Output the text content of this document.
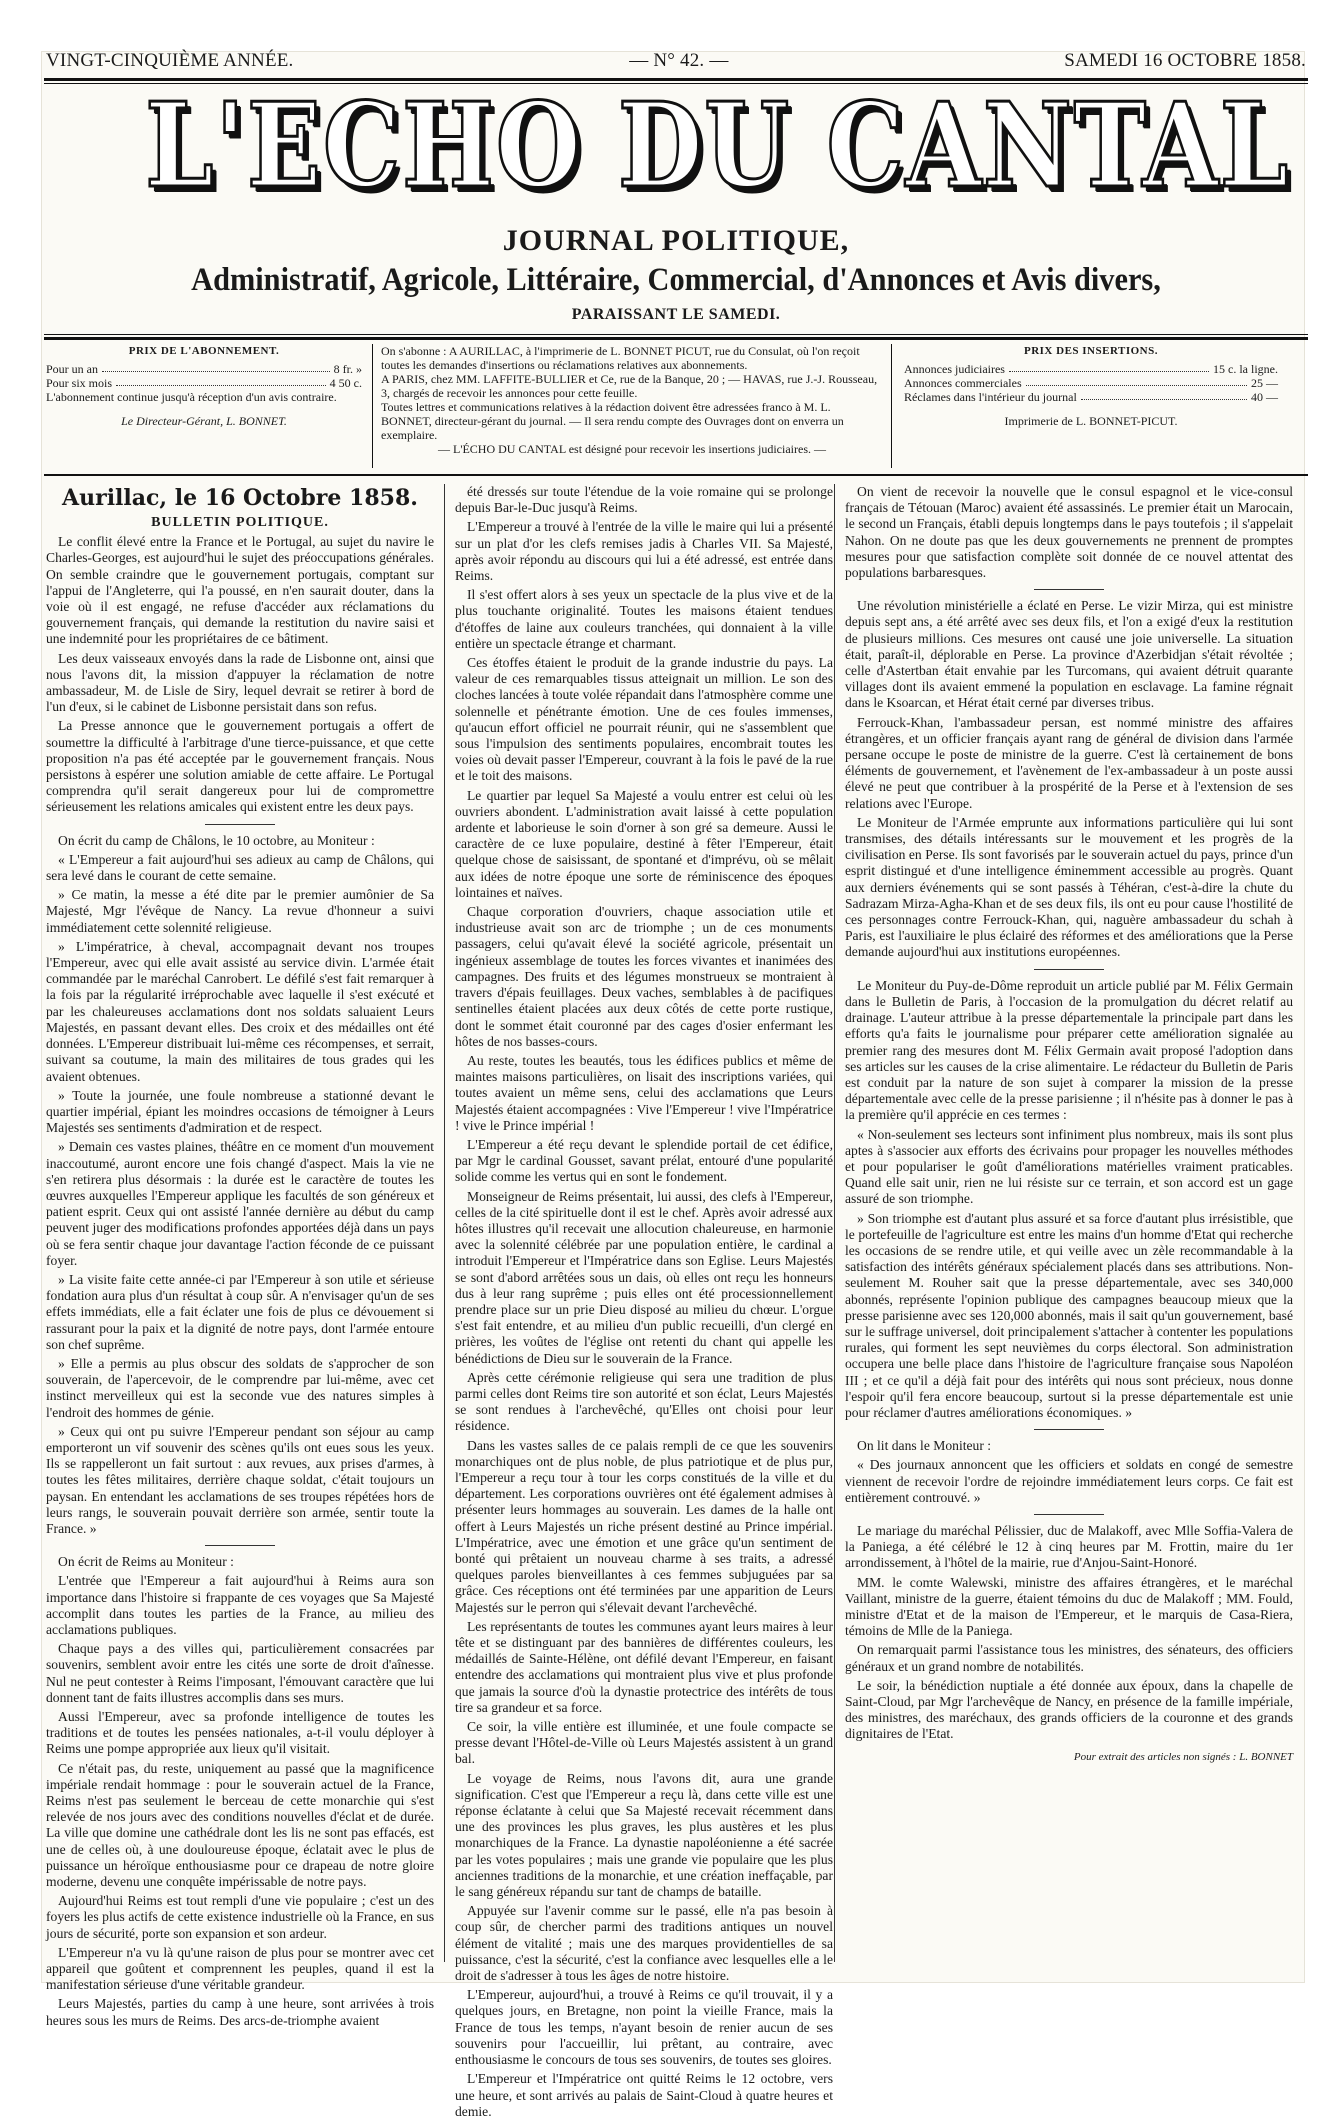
VINGT-CINQUIÈME ANNÉE.	— N° 42. —	SAMEDI 16 OCTOBRE 1858.
L'ECHO DU CANTAL
JOURNAL POLITIQUE,
Administratif, Agricole, Littéraire, Commercial, d'Annonces et Avis divers,
PARAISSANT LE SAMEDI.
PRIX DE L'ABONNEMENT.
Pour un an	8 fr. »
Pour six mois	4 50 c.
L'abonnement continue jusqu'à réception d'un avis contraire.
Le Directeur-Gérant, L. BONNET.
On s'abonne : A AURILLAC, à l'imprimerie de L. BONNET PICUT, rue du Consulat, où l'on reçoit toutes les demandes d'insertions ou réclamations relatives aux abonnements.
A PARIS, chez MM. LAFFITE-BULLIER et Ce, rue de la Banque, 20 ; — HAVAS, rue J.-J. Rousseau, 3, chargés de recevoir les annonces pour cette feuille.
Toutes lettres et communications relatives à la rédaction doivent être adressées franco à M. L. BONNET, directeur-gérant du journal. — Il sera rendu compte des Ouvrages dont on enverra un exemplaire.
— L'ÉCHO DU CANTAL est désigné pour recevoir les insertions judiciaires. —
PRIX DES INSERTIONS.
Annonces judiciaires	15 c. la ligne.
Annonces commerciales	25 —
Réclames dans l'intérieur du journal	40 —
Imprimerie de L. BONNET-PICUT.

Aurillac, le 16 Octobre 1858.

BULLETIN POLITIQUE.

Le conflit élevé entre la France et le Portugal, au sujet du navire le Charles-Georges, est aujourd'hui le sujet des préoccupations générales. On semble craindre que le gouvernement portugais, comptant sur l'appui de l'Angleterre, qui l'a poussé, en n'en saurait douter, dans la voie où il est engagé, ne refuse d'accéder aux réclamations du gouvernement français, qui demande la restitution du navire saisi et une indemnité pour les propriétaires de ce bâtiment.

Les deux vaisseaux envoyés dans la rade de Lisbonne ont, ainsi que nous l'avons dit, la mission d'appuyer la réclamation de notre ambassadeur, M. de Lisle de Siry, lequel devrait se retirer à bord de l'un d'eux, si le cabinet de Lisbonne persistait dans son refus.

La Presse annonce que le gouvernement portugais a offert de soumettre la difficulté à l'arbitrage d'une tierce-puissance, et que cette proposition n'a pas été acceptée par le gouvernement français. Nous persistons à espérer une solution amiable de cette affaire. Le Portugal comprendra qu'il serait dangereux pour lui de compromettre sérieusement les relations amicales qui existent entre les deux pays.

On écrit du camp de Châlons, le 10 octobre, au Moniteur :

« L'Empereur a fait aujourd'hui ses adieux au camp de Châlons, qui sera levé dans le courant de cette semaine.

» Ce matin, la messe a été dite par le premier aumônier de Sa Majesté, Mgr l'évêque de Nancy. La revue d'honneur a suivi immédiatement cette solennité religieuse.

» L'impératrice, à cheval, accompagnait devant nos troupes l'Empereur, avec qui elle avait assisté au service divin. L'armée était commandée par le maréchal Canrobert. Le défilé s'est fait remarquer à la fois par la régularité irréprochable avec laquelle il s'est exécuté et par les chaleureuses acclamations dont nos soldats saluaient Leurs Majestés, en passant devant elles. Des croix et des médailles ont été données. L'Empereur distribuait lui-même ces récompenses, et serrait, suivant sa coutume, la main des militaires de tous grades qui les avaient obtenues.

» Toute la journée, une foule nombreuse a stationné devant le quartier impérial, épiant les moindres occasions de témoigner à Leurs Majestés ses sentiments d'admiration et de respect.

» Demain ces vastes plaines, théâtre en ce moment d'un mouvement inaccoutumé, auront encore une fois changé d'aspect. Mais la vie ne s'en retirera plus désormais : la durée est le caractère de toutes les œuvres auxquelles l'Empereur applique les facultés de son généreux et patient esprit. Ceux qui ont assisté l'année dernière au début du camp peuvent juger des modifications profondes apportées déjà dans un pays où se fera sentir chaque jour davantage l'action féconde de ce puissant foyer.

» La visite faite cette année-ci par l'Empereur à son utile et sérieuse fondation aura plus d'un résultat à coup sûr. A n'envisager qu'un de ses effets immédiats, elle a fait éclater une fois de plus ce dévouement si rassurant pour la paix et la dignité de notre pays, dont l'armée entoure son chef suprême.

» Elle a permis au plus obscur des soldats de s'approcher de son souverain, de l'apercevoir, de le comprendre par lui-même, avec cet instinct merveilleux qui est la seconde vue des natures simples à l'endroit des hommes de génie.

» Ceux qui ont pu suivre l'Empereur pendant son séjour au camp emporteront un vif souvenir des scènes qu'ils ont eues sous les yeux. Ils se rappelleront un fait surtout : aux revues, aux prises d'armes, à toutes les fêtes militaires, derrière chaque soldat, c'était toujours un paysan. En entendant les acclamations de ses troupes répétées hors de leurs rangs, le souverain pouvait derrière son armée, sentir toute la France. »

On écrit de Reims au Moniteur :

L'entrée que l'Empereur a fait aujourd'hui à Reims aura son importance dans l'histoire si frappante de ces voyages que Sa Majesté accomplit dans toutes les parties de la France, au milieu des acclamations publiques.

Chaque pays a des villes qui, particulièrement consacrées par souvenirs, semblent avoir entre les cités une sorte de droit d'aînesse. Nul ne peut contester à Reims l'imposant, l'émouvant caractère que lui donnent tant de faits illustres accomplis dans ses murs.

Aussi l'Empereur, avec sa profonde intelligence de toutes les traditions et de toutes les pensées nationales, a-t-il voulu déployer à Reims une pompe appropriée aux lieux qu'il visitait.

Ce n'était pas, du reste, uniquement au passé que la magnificence impériale rendait hommage : pour le souverain actuel de la France, Reims n'est pas seulement le berceau de cette monarchie qui s'est relevée de nos jours avec des conditions nouvelles d'éclat et de durée. La ville que domine une cathédrale dont les lis ne sont pas effacés, est une de celles où, à une douloureuse époque, éclatait avec le plus de puissance un héroïque enthousiasme pour ce drapeau de notre gloire moderne, devenu une conquête impérissable de notre pays.

Aujourd'hui Reims est tout rempli d'une vie populaire ; c'est un des foyers les plus actifs de cette existence industrielle où la France, en sus jours de sécurité, porte son expansion et son ardeur.

L'Empereur n'a vu là qu'une raison de plus pour se montrer avec cet appareil que goûtent et comprennent les peuples, quand il est la manifestation sérieuse d'une véritable grandeur.

Leurs Majestés, parties du camp à une heure, sont arrivées à trois heures sous les murs de Reims. Des arcs-de-triomphe avaient

été dressés sur toute l'étendue de la voie romaine qui se prolonge depuis Bar-le-Duc jusqu'à Reims.

L'Empereur a trouvé à l'entrée de la ville le maire qui lui a présenté sur un plat d'or les clefs remises jadis à Charles VII. Sa Majesté, après avoir répondu au discours qui lui a été adressé, est entrée dans Reims.

Il s'est offert alors à ses yeux un spectacle de la plus vive et de la plus touchante originalité. Toutes les maisons étaient tendues d'étoffes de laine aux couleurs tranchées, qui donnaient à la ville entière un spectacle étrange et charmant.

Ces étoffes étaient le produit de la grande industrie du pays. La valeur de ces remarquables tissus atteignait un million. Le son des cloches lancées à toute volée répandait dans l'atmosphère comme une solennelle et pénétrante émotion. Une de ces foules immenses, qu'aucun effort officiel ne pourrait réunir, qui ne s'assemblent que sous l'impulsion des sentiments populaires, encombrait toutes les voies où devait passer l'Empereur, couvrant à la fois le pavé de la rue et le toit des maisons.

Le quartier par lequel Sa Majesté a voulu entrer est celui où les ouvriers abondent. L'administration avait laissé à cette population ardente et laborieuse le soin d'orner à son gré sa demeure. Aussi le caractère de ce luxe populaire, destiné à fêter l'Empereur, était quelque chose de saisissant, de spontané et d'imprévu, où se mêlait aux idées de notre époque une sorte de réminiscence des époques lointaines et naïves.

Chaque corporation d'ouvriers, chaque association utile et industrieuse avait son arc de triomphe ; un de ces monuments passagers, celui qu'avait élevé la société agricole, présentait un ingénieux assemblage de toutes les forces vivantes et inanimées des campagnes. Des fruits et des légumes monstrueux se montraient à travers d'épais feuillages. Deux vaches, semblables à de pacifiques sentinelles étaient placées aux deux côtés de cette porte rustique, dont le sommet était couronné par des cages d'osier enfermant les hôtes de nos basses-cours.

Au reste, toutes les beautés, tous les édifices publics et même de maintes maisons particulières, on lisait des inscriptions variées, qui toutes avaient un même sens, celui des acclamations que Leurs Majestés étaient accompagnées : Vive l'Empereur ! vive l'Impératrice ! vive le Prince impérial !

L'Empereur a été reçu devant le splendide portail de cet édifice, par Mgr le cardinal Gousset, savant prélat, entouré d'une popularité solide comme les vertus qui en sont le fondement.

Monseigneur de Reims présentait, lui aussi, des clefs à l'Empereur, celles de la cité spirituelle dont il est le chef. Après avoir adressé aux hôtes illustres qu'il recevait une allocution chaleureuse, en harmonie avec la solennité célébrée par une population entière, le cardinal a introduit l'Empereur et l'Impératrice dans son Eglise. Leurs Majestés se sont d'abord arrêtées sous un dais, où elles ont reçu les honneurs dus à leur rang suprême ; puis elles ont été processionnellement prendre place sur un prie Dieu disposé au milieu du chœur. L'orgue s'est fait entendre, et au milieu d'un public recueilli, d'un clergé en prières, les voûtes de l'église ont retenti du chant qui appelle les bénédictions de Dieu sur le souverain de la France.

Après cette cérémonie religieuse qui sera une tradition de plus parmi celles dont Reims tire son autorité et son éclat, Leurs Majestés se sont rendues à l'archevêché, qu'Elles ont choisi pour leur résidence.

Dans les vastes salles de ce palais rempli de ce que les souvenirs monarchiques ont de plus noble, de plus patriotique et de plus pur, l'Empereur a reçu tour à tour les corps constitués de la ville et du département. Les corporations ouvrières ont été également admises à présenter leurs hommages au souverain. Les dames de la halle ont offert à Leurs Majestés un riche présent destiné au Prince impérial. L'Impératrice, avec une émotion et une grâce qu'un sentiment de bonté qui prêtaient un nouveau charme à ses traits, a adressé quelques paroles bienveillantes à ces femmes subjuguées par sa grâce. Ces réceptions ont été terminées par une apparition de Leurs Majestés sur le perron qui s'élevait devant l'archevêché.

Les représentants de toutes les communes ayant leurs maires à leur tête et se distinguant par des bannières de différentes couleurs, les médaillés de Sainte-Hélène, ont défilé devant l'Empereur, en faisant entendre des acclamations qui montraient plus vive et plus profonde que jamais la source d'où la dynastie protectrice des intérêts de tous tire sa grandeur et sa force.

Ce soir, la ville entière est illuminée, et une foule compacte se presse devant l'Hôtel-de-Ville où Leurs Majestés assistent à un grand bal.

Le voyage de Reims, nous l'avons dit, aura une grande signification. C'est que l'Empereur a reçu là, dans cette ville est une réponse éclatante à celui que Sa Majesté recevait récemment dans une des provinces les plus graves, les plus austères et les plus monarchiques de la France. La dynastie napoléonienne a été sacrée par les votes populaires ; mais une grande vie populaire que les plus anciennes traditions de la monarchie, et une création ineffaçable, par le sang généreux répandu sur tant de champs de bataille.

Appuyée sur l'avenir comme sur le passé, elle n'a pas besoin à coup sûr, de chercher parmi des traditions antiques un nouvel élément de vitalité ; mais une des marques providentielles de sa puissance, c'est la sécurité, c'est la confiance avec lesquelles elle a le droit de s'adresser à tous les âges de notre histoire.

L'Empereur, aujourd'hui, a trouvé à Reims ce qu'il trouvait, il y a quelques jours, en Bretagne, non point la vieille France, mais la France de tous les temps, n'ayant besoin de renier aucun de ses souvenirs pour l'accueillir, lui prêtant, au contraire, avec enthousiasme le concours de tous ses souvenirs, de toutes ses gloires.

L'Empereur et l'Impératrice ont quitté Reims le 12 octobre, vers une heure, et sont arrivés au palais de Saint-Cloud à quatre heures et demie.

On vient de recevoir la nouvelle que le consul espagnol et le vice-consul français de Tétouan (Maroc) avaient été assassinés. Le premier était un Marocain, le second un Français, établi depuis longtemps dans le pays toutefois ; il s'appelait Nahon. On ne doute pas que les deux gouvernements ne prennent de promptes mesures pour que satisfaction complète soit donnée de ce nouvel attentat des populations barbaresques.

Une révolution ministérielle a éclaté en Perse. Le vizir Mirza, qui est ministre depuis sept ans, a été arrêté avec ses deux fils, et l'on a exigé d'eux la restitution de plusieurs millions. Ces mesures ont causé une joie universelle. La situation était, paraît-il, déplorable en Perse. La province d'Azerbidjan s'était révoltée ; celle d'Astertban était envahie par les Turcomans, qui avaient détruit quarante villages dont ils avaient emmené la population en esclavage. La famine régnait dans le Ksoarcan, et Hérat était cerné par diverses tribus.

Ferrouck-Khan, l'ambassadeur persan, est nommé ministre des affaires étrangères, et un officier français ayant rang de général de division dans l'armée persane occupe le poste de ministre de la guerre. C'est là certainement de bons éléments de gouvernement, et l'avènement de l'ex-ambassadeur à un poste aussi élevé ne peut que contribuer à la prospérité de la Perse et à l'extension de ses relations avec l'Europe.

Le Moniteur de l'Armée emprunte aux informations particulière qui lui sont transmises, des détails intéressants sur le mouvement et les progrès de la civilisation en Perse. Ils sont favorisés par le souverain actuel du pays, prince d'un esprit distingué et d'une intelligence éminemment accessible au progrès. Quant aux derniers événements qui se sont passés à Téhéran, c'est-à-dire la chute du Sadrazam Mirza-Agha-Khan et de ses deux fils, ils ont eu pour cause l'hostilité de ces personnages contre Ferrouck-Khan, qui, naguère ambassadeur du schah à Paris, est l'auxiliaire le plus éclairé des réformes et des améliorations que la Perse demande aujourd'hui aux institutions européennes.

Le Moniteur du Puy-de-Dôme reproduit un article publié par M. Félix Germain dans le Bulletin de Paris, à l'occasion de la promulgation du décret relatif au drainage. L'auteur attribue à la presse départementale la principale part dans les efforts qu'a faits le journalisme pour préparer cette amélioration signalée au premier rang des mesures dont M. Félix Germain avait proposé l'adoption dans ses articles sur les causes de la crise alimentaire. Le rédacteur du Bulletin de Paris est conduit par la nature de son sujet à comparer la mission de la presse départementale avec celle de la presse parisienne ; il n'hésite pas à donner le pas à la première qu'il apprécie en ces termes :

« Non-seulement ses lecteurs sont infiniment plus nombreux, mais ils sont plus aptes à s'associer aux efforts des écrivains pour propager les nouvelles méthodes et pour populariser le goût d'améliorations matérielles vraiment praticables. Quand elle sait unir, rien ne lui résiste sur ce terrain, et son accord est un gage assuré de son triomphe.

» Son triomphe est d'autant plus assuré et sa force d'autant plus irrésistible, que le portefeuille de l'agriculture est entre les mains d'un homme d'Etat qui recherche les occasions de se rendre utile, et qui veille avec un zèle recommandable à la satisfaction des intérêts généraux spécialement placés dans ses attributions. Non-seulement M. Rouher sait que la presse départementale, avec ses 340,000 abonnés, représente l'opinion publique des campagnes beaucoup mieux que la presse parisienne avec ses 120,000 abonnés, mais il sait qu'un gouvernement, basé sur le suffrage universel, doit principalement s'attacher à contenter les populations rurales, qui forment les sept neuvièmes du corps électoral. Son administration occupera une belle place dans l'histoire de l'agriculture française sous Napoléon III ; et ce qu'il a déjà fait pour des intérêts qui nous sont précieux, nous donne l'espoir qu'il fera encore beaucoup, surtout si la presse départementale est unie pour réclamer d'autres améliorations économiques. »

On lit dans le Moniteur :

« Des journaux annoncent que les officiers et soldats en congé de semestre viennent de recevoir l'ordre de rejoindre immédiatement leurs corps. Ce fait est entièrement controuvé. »

Le mariage du maréchal Pélissier, duc de Malakoff, avec Mlle Soffia-Valera de la Paniega, a été célébré le 12 à cinq heures par M. Frottin, maire du 1er arrondissement, à l'hôtel de la mairie, rue d'Anjou-Saint-Honoré.

MM. le comte Walewski, ministre des affaires étrangères, et le maréchal Vaillant, ministre de la guerre, étaient témoins du duc de Malakoff ; MM. Fould, ministre d'Etat et de la maison de l'Empereur, et le marquis de Casa-Riera, témoins de Mlle de la Paniega.

On remarquait parmi l'assistance tous les ministres, des sénateurs, des officiers généraux et un grand nombre de notabilités.

Le soir, la bénédiction nuptiale a été donnée aux époux, dans la chapelle de Saint-Cloud, par Mgr l'archevêque de Nancy, en présence de la famille impériale, des ministres, des maréchaux, des grands officiers de la couronne et des grands dignitaires de l'Etat.

Pour extrait des articles non signés : L. BONNET
